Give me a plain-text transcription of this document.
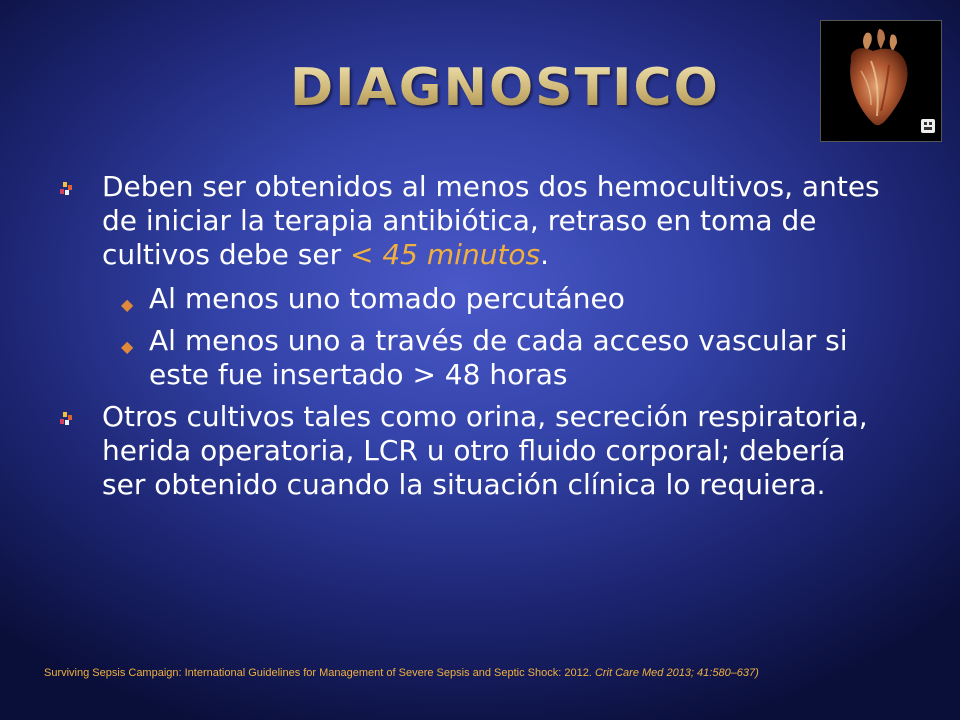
DIAGNOSTICO
Deben ser obtenidos al menos dos hemocultivos, antes de iniciar la terapia antibiótica, retraso en toma de cultivos debe ser < 45 minutos.
◆ Al menos uno tomado percutáneo
◆ Al menos uno a través de cada acceso vascular si este fue insertado > 48 horas
Otros cultivos tales como orina, secreción respiratoria, herida operatoria, LCR u otro fluido corporal; debería ser obtenido cuando la situación clínica lo requiera.
Surviving Sepsis Campaign: International Guidelines for Management of Severe Sepsis and Septic Shock: 2012. Crit Care Med 2013; 41:580–637)
